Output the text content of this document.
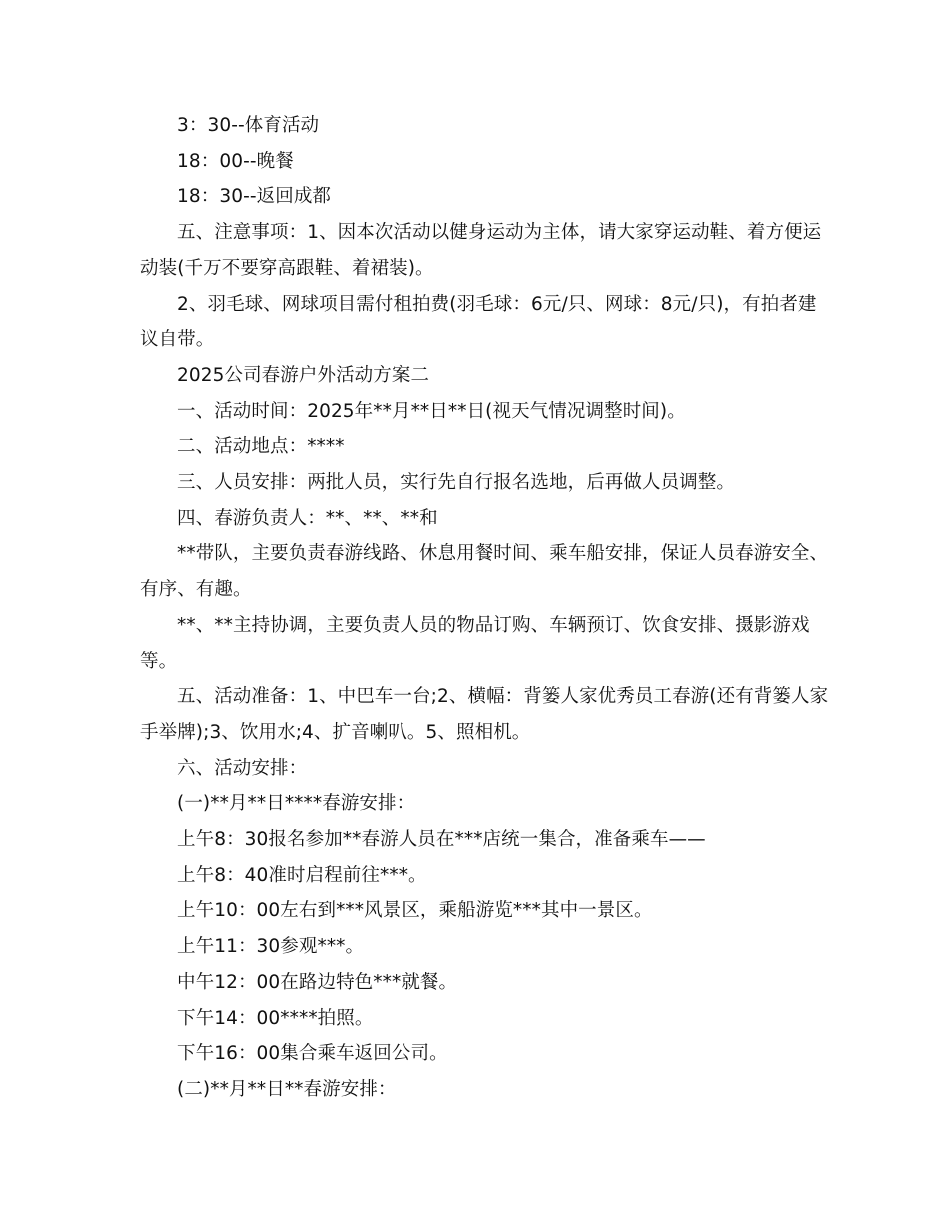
3：30--体育活动

18：00--晚餐

18：30--返回成都

五、注意事项：1、因本次活动以健身运动为主体，请大家穿运动鞋、着方便运动装(千万不要穿高跟鞋、着裙装)。

2、羽毛球、网球项目需付租拍费(羽毛球：6元/只、网球：8元/只)，有拍者建议自带。

2025公司春游户外活动方案二

一、活动时间：2025年**月**日**日(视天气情况调整时间)。

二、活动地点：****

三、人员安排：两批人员，实行先自行报名选地，后再做人员调整。

四、春游负责人：**、**、**和

**带队，主要负责春游线路、休息用餐时间、乘车船安排，保证人员春游安全、有序、有趣。

**、**主持协调，主要负责人员的物品订购、车辆预订、饮食安排、摄影游戏等。

五、活动准备：1、中巴车一台;2、横幅：背篓人家优秀员工春游(还有背篓人家手举牌);3、饮用水;4、扩音喇叭。5、照相机。

六、活动安排：

(一)**月**日****春游安排：

上午8：30报名参加**春游人员在***店统一集合，准备乘车——

上午8：40准时启程前往***。

上午10：00左右到***风景区，乘船游览***其中一景区。

上午11：30参观***。

中午12：00在路边特色***就餐。

下午14：00****拍照。

下午16：00集合乘车返回公司。

(二)**月**日**春游安排：
